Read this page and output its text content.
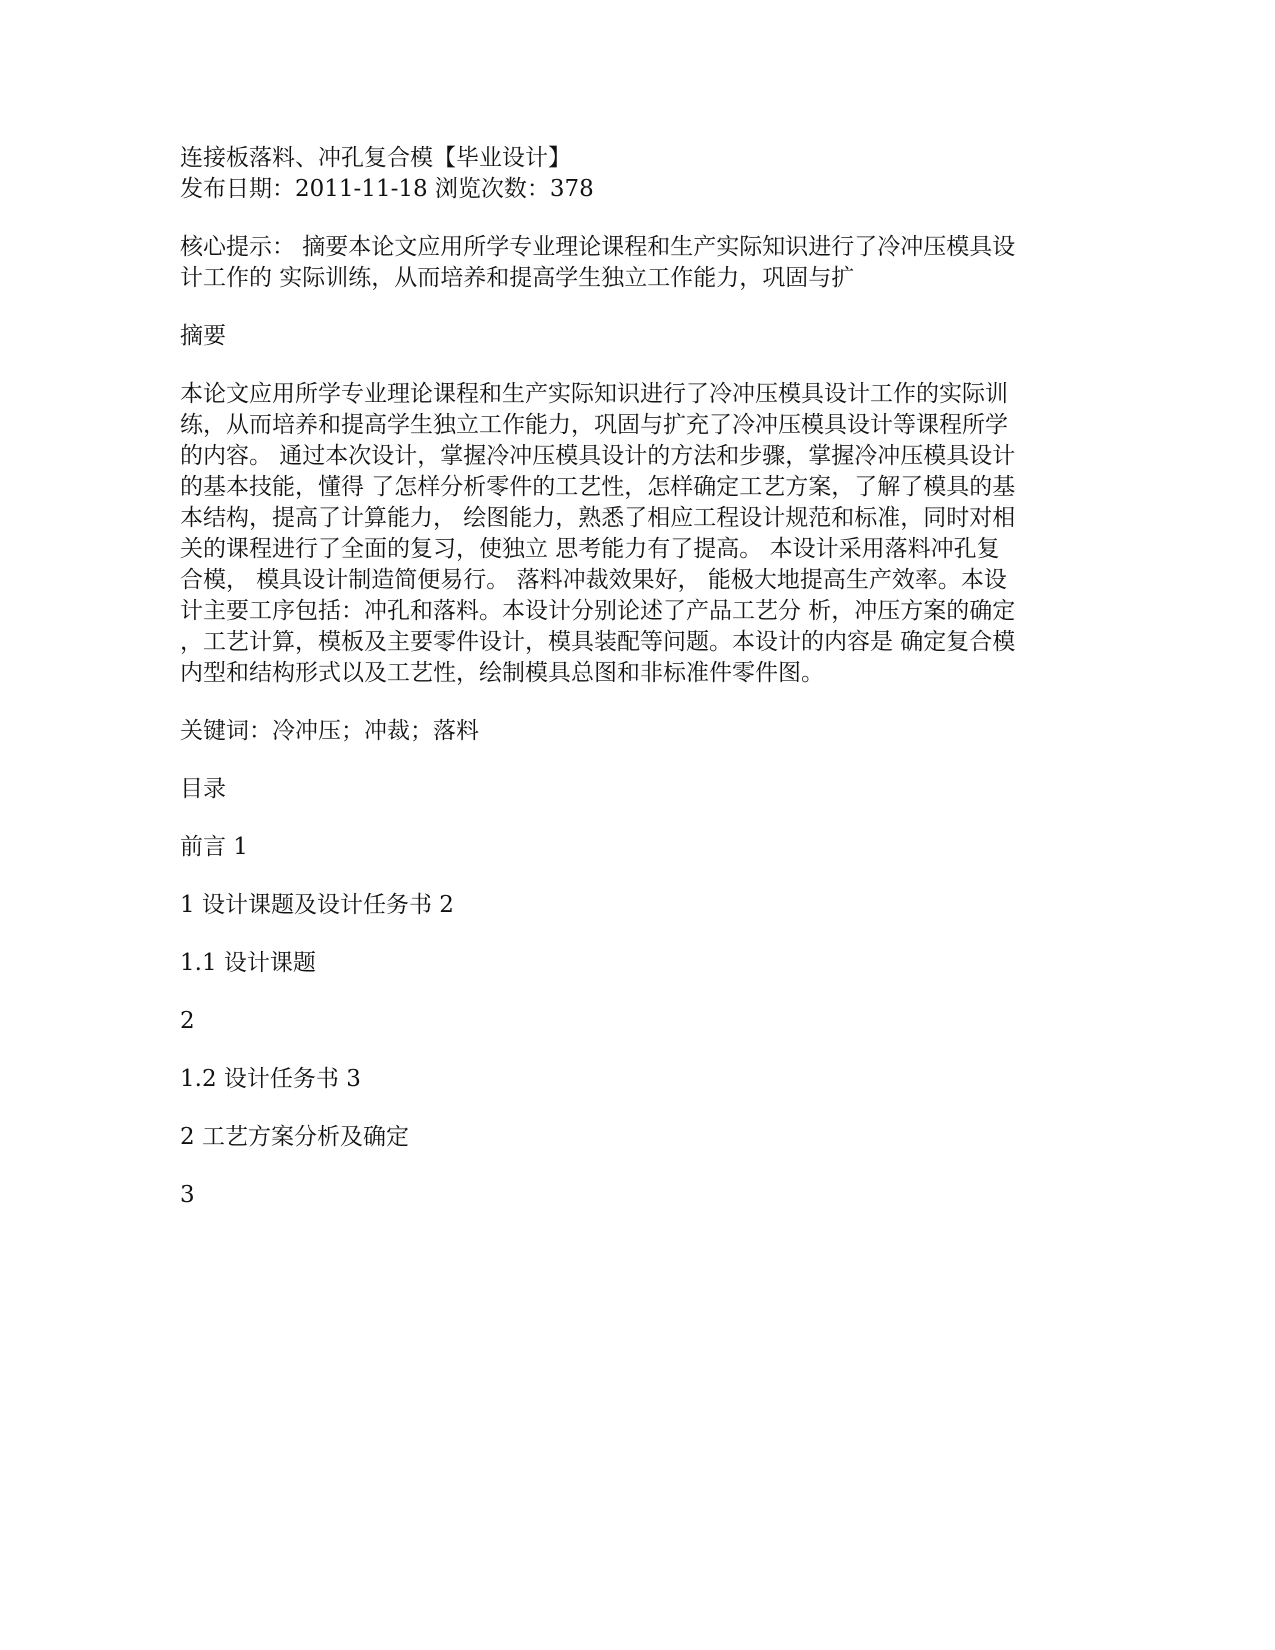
连接板落料、冲孔复合模【毕业设计】
发布日期：2011-11-18 浏览次数：378
核心提示： 摘要本论文应用所学专业理论课程和生产实际知识进行了冷冲压模具设
计工作的 实际训练，从而培养和提高学生独立工作能力，巩固与扩
摘要
本论文应用所学专业理论课程和生产实际知识进行了冷冲压模具设计工作的实际训
练，从而培养和提高学生独立工作能力，巩固与扩充了冷冲压模具设计等课程所学
的内容。 通过本次设计，掌握冷冲压模具设计的方法和步骤，掌握冷冲压模具设计
的基本技能，懂得 了怎样分析零件的工艺性，怎样确定工艺方案，了解了模具的基
本结构，提高了计算能力， 绘图能力，熟悉了相应工程设计规范和标准，同时对相
关的课程进行了全面的复习，使独立 思考能力有了提高。 本设计采用落料冲孔复
合模， 模具设计制造简便易行。 落料冲裁效果好， 能极大地提高生产效率。本设
计主要工序包括：冲孔和落料。本设计分别论述了产品工艺分 析，冲压方案的确定
，工艺计算，模板及主要零件设计，模具装配等问题。本设计的内容是 确定复合模
内型和结构形式以及工艺性，绘制模具总图和非标准件零件图。
关键词：冷冲压；冲裁；落料
目录
前言 1
1 设计课题及设计任务书 2
1.1 设计课题
2
1.2 设计任务书 3
2 工艺方案分析及确定
3
